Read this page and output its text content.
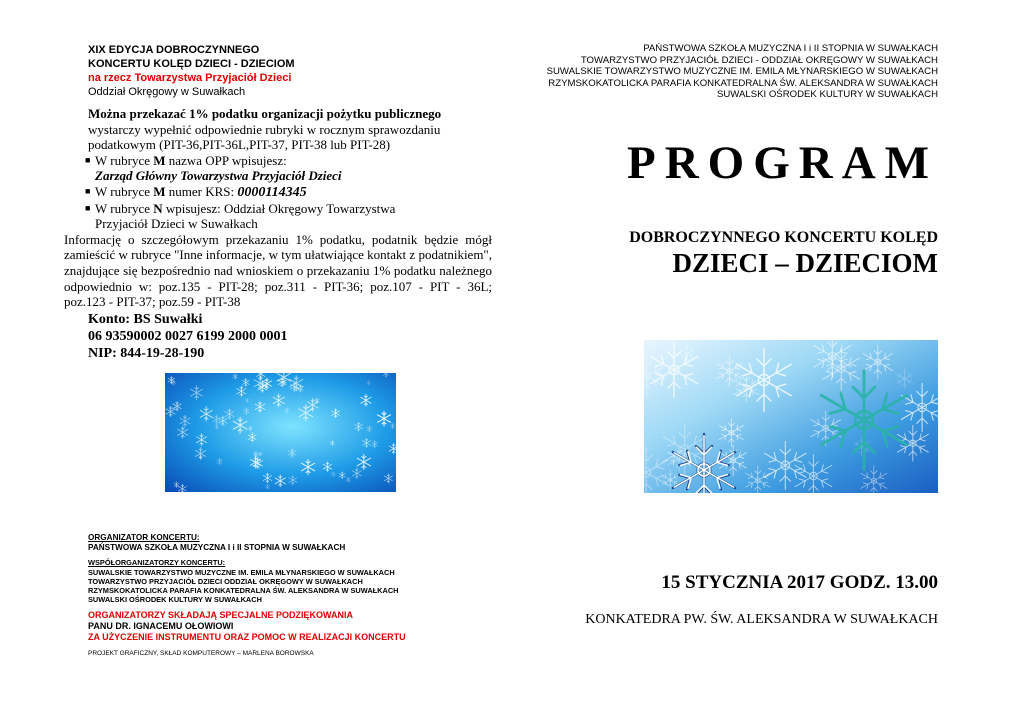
XIX EDYCJA DOBROCZYNNEGO
KONCERTU KOLĘD DZIECI - DZIECIOM
na rzecz Towarzystwa Przyjaciół Dzieci
Oddział Okręgowy w Suwałkach
Można przekazać 1% podatku organizacji pożytku publicznego
wystarczy wypełnić odpowiednie rubryki w rocznym sprawozdaniu podatkowym (PIT-36,PIT-36L,PIT-37, PIT-38 lub PIT-28)
■ W rubryce M nazwa OPP wpisujesz:
Zarząd Główny Towarzystwa Przyjaciół Dzieci
■ W rubryce M numer KRS: 0000114345
■ W rubryce N wpisujesz: Oddział Okręgowy Towarzystwa
Przyjaciół Dzieci w Suwałkach
Informację o szczegółowym przekazaniu 1% podatku, podatnik będzie mógł zamieścić w rubryce "Inne informacje, w tym ułatwiające kontakt z podatnikiem", znajdujące się bezpośrednio nad wnioskiem o przekazaniu 1% podatku należnego odpowiednio w: poz.135 - PIT-28; poz.311 - PIT-36; poz.107 - PIT - 36L; poz.123 - PIT-37; poz.59 - PIT-38
Konto: BS Suwałki
06 93590002 0027 6199 2000 0001
NIP: 844-19-28-190
ORGANIZATOR KONCERTU:
PAŃSTWOWA SZKOŁA MUZYCZNA I i II STOPNIA W SUWAŁKACH
WSPÓŁORGANIZATORZY KONCERTU:
SUWALSKIE TOWARZYSTWO MUZYCZNE IM. EMILA MŁYNARSKIEGO W SUWAŁKACH
TOWARZYSTWO PRZYJACIÓŁ DZIECI ODDZIAŁ OKRĘGOWY W SUWAŁKACH
RZYMSKOKATOLICKA PARAFIA KONKATEDRALNA ŚW. ALEKSANDRA W SUWAŁKACH
SUWALSKI OŚRODEK KULTURY W SUWAŁKACH
ORGANIZATORZY SKŁADAJĄ SPECJALNE PODZIĘKOWANIA
PANU DR. IGNACEMU OŁOWIOWI
ZA UŻYCZENIE INSTRUMENTU ORAZ POMOC W REALIZACJI KONCERTU
PROJEKT GRAFICZNY, SKŁAD KOMPUTEROWY – MARLENA BOROWSKA
PAŃSTWOWA SZKOŁA MUZYCZNA I i II STOPNIA W SUWAŁKACH
TOWARZYSTWO PRZYJACIÓŁ DZIECI - ODDZIAŁ OKRĘGOWY W SUWAŁKACH
SUWALSKIE TOWARZYSTWO MUZYCZNE IM. EMILA MŁYNARSKIEGO W SUWAŁKACH
RZYMSKOKATOLICKA PARAFIA KONKATEDRALNA ŚW. ALEKSANDRA W SUWAŁKACH
SUWALSKI OŚRODEK KULTURY W SUWAŁKACH
PROGRAM
DOBROCZYNNEGO KONCERTU KOLĘD
DZIECI – DZIECIOM
15 STYCZNIA 2017 GODZ. 13.00
KONKATEDRA PW. ŚW. ALEKSANDRA W SUWAŁKACH
